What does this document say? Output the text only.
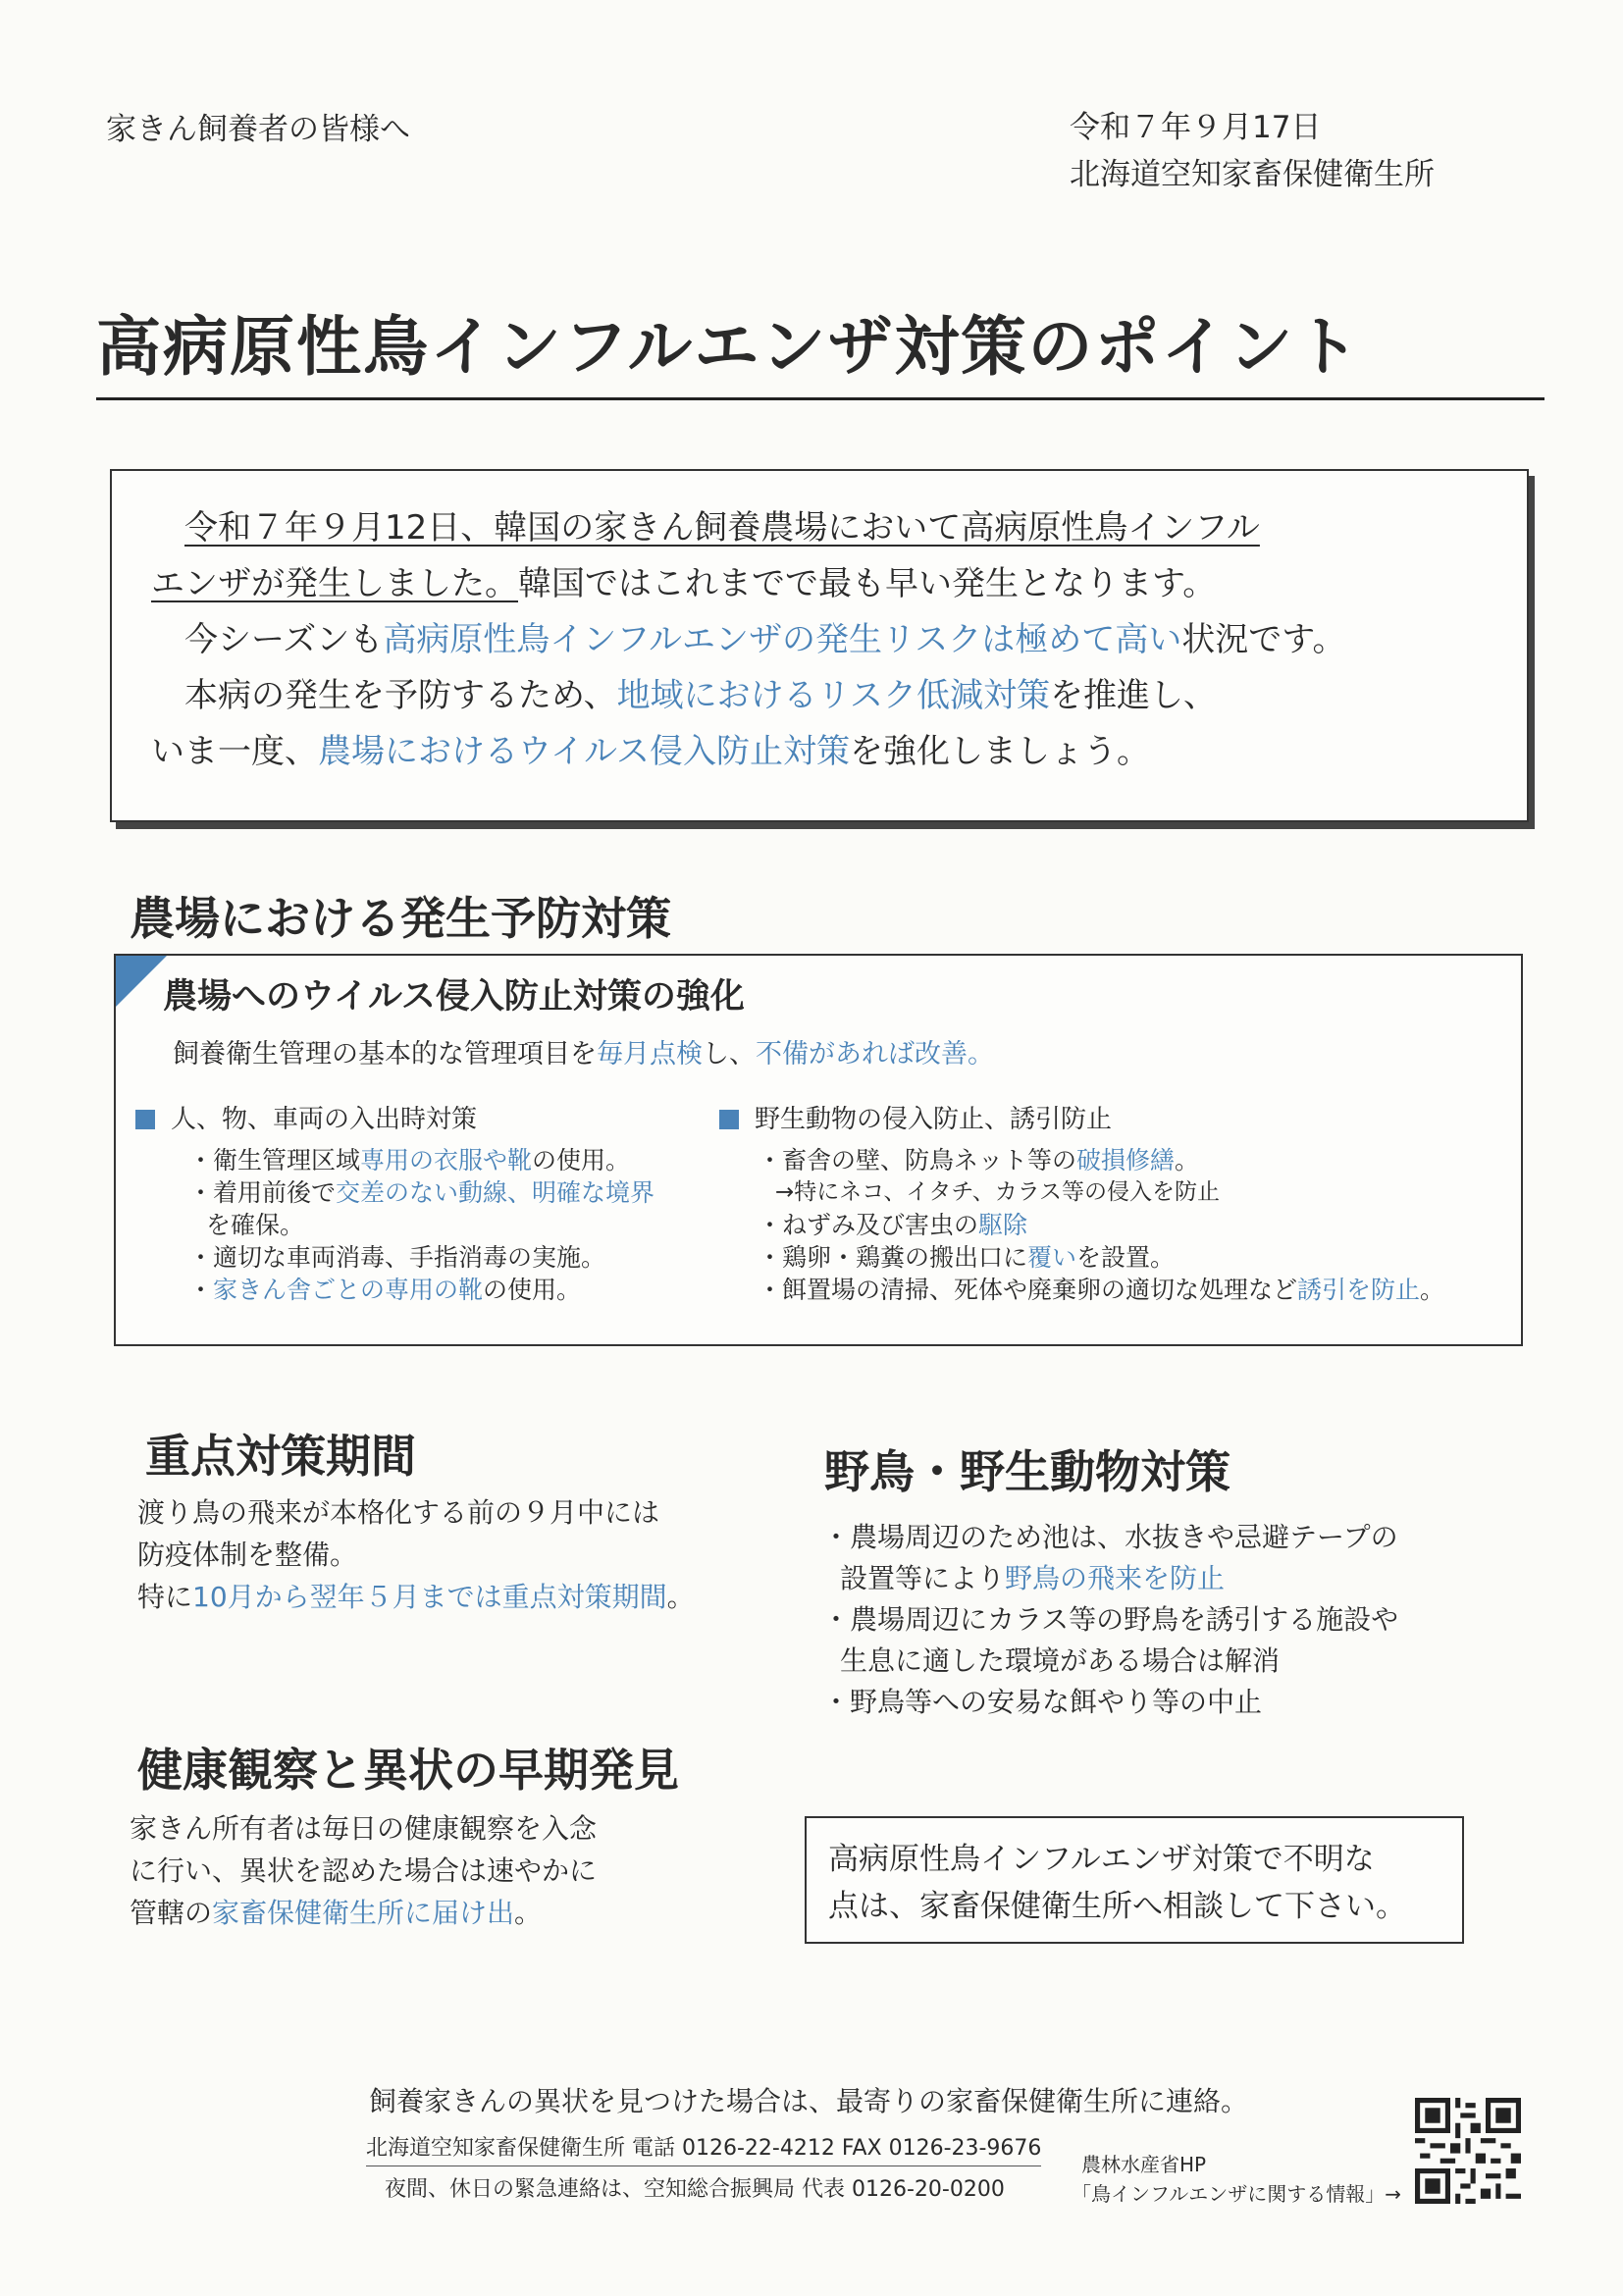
家きん飼養者の皆様へ	令和７年９月17日
北海道空知家畜保健衛生所
高病原性鳥インフルエンザ対策のポイント

　令和７年９月12日、韓国の家きん飼養農場において高病原性鳥インフル

エンザが発生しました。韓国ではこれまでで最も早い発生となります。

　今シーズンも高病原性鳥インフルエンザの発生リスクは極めて高い状況です。

　本病の発生を予防するため、地域におけるリスク低減対策を推進し、

いま一度、農場におけるウイルス侵入防止対策を強化しましょう。

農場における発生予防対策
農場へのウイルス侵入防止対策の強化
飼養衛生管理の基本的な管理項目を毎月点検し、不備があれば改善。
人、物、車両の入出時対策
・衛生管理区域専用の衣服や靴の使用。
・着用前後で交差のない動線、明確な境界
を確保。
・適切な車両消毒、手指消毒の実施。
・家きん舎ごとの専用の靴の使用。
野生動物の侵入防止、誘引防止
・畜舎の壁、防鳥ネット等の破損修繕。
→特にネコ、イタチ、カラス等の侵入を防止
・ねずみ及び害虫の駆除
・鶏卵・鶏糞の搬出口に覆いを設置。
・餌置場の清掃、死体や廃棄卵の適切な処理など誘引を防止。
重点対策期間
渡り鳥の飛来が本格化する前の９月中には
防疫体制を整備。
特に10月から翌年５月までは重点対策期間。
野鳥・野生動物対策
・農場周辺のため池は、水抜きや忌避テープの
設置等により野鳥の飛来を防止
・農場周辺にカラス等の野鳥を誘引する施設や
生息に適した環境がある場合は解消
・野鳥等への安易な餌やり等の中止
健康観察と異状の早期発見
家きん所有者は毎日の健康観察を入念
に行い、異状を認めた場合は速やかに
管轄の家畜保健衛生所に届け出。
高病原性鳥インフルエンザ対策で不明な
点は、家畜保健衛生所へ相談して下さい。
飼養家きんの異状を見つけた場合は、最寄りの家畜保健衛生所に連絡。
北海道空知家畜保健衛生所 電話 0126-22-4212 FAX 0126-23-9676
夜間、休日の緊急連絡は、空知総合振興局 代表 0126-20-0200
農林水産省HP
「鳥インフルエンザに関する情報」→
